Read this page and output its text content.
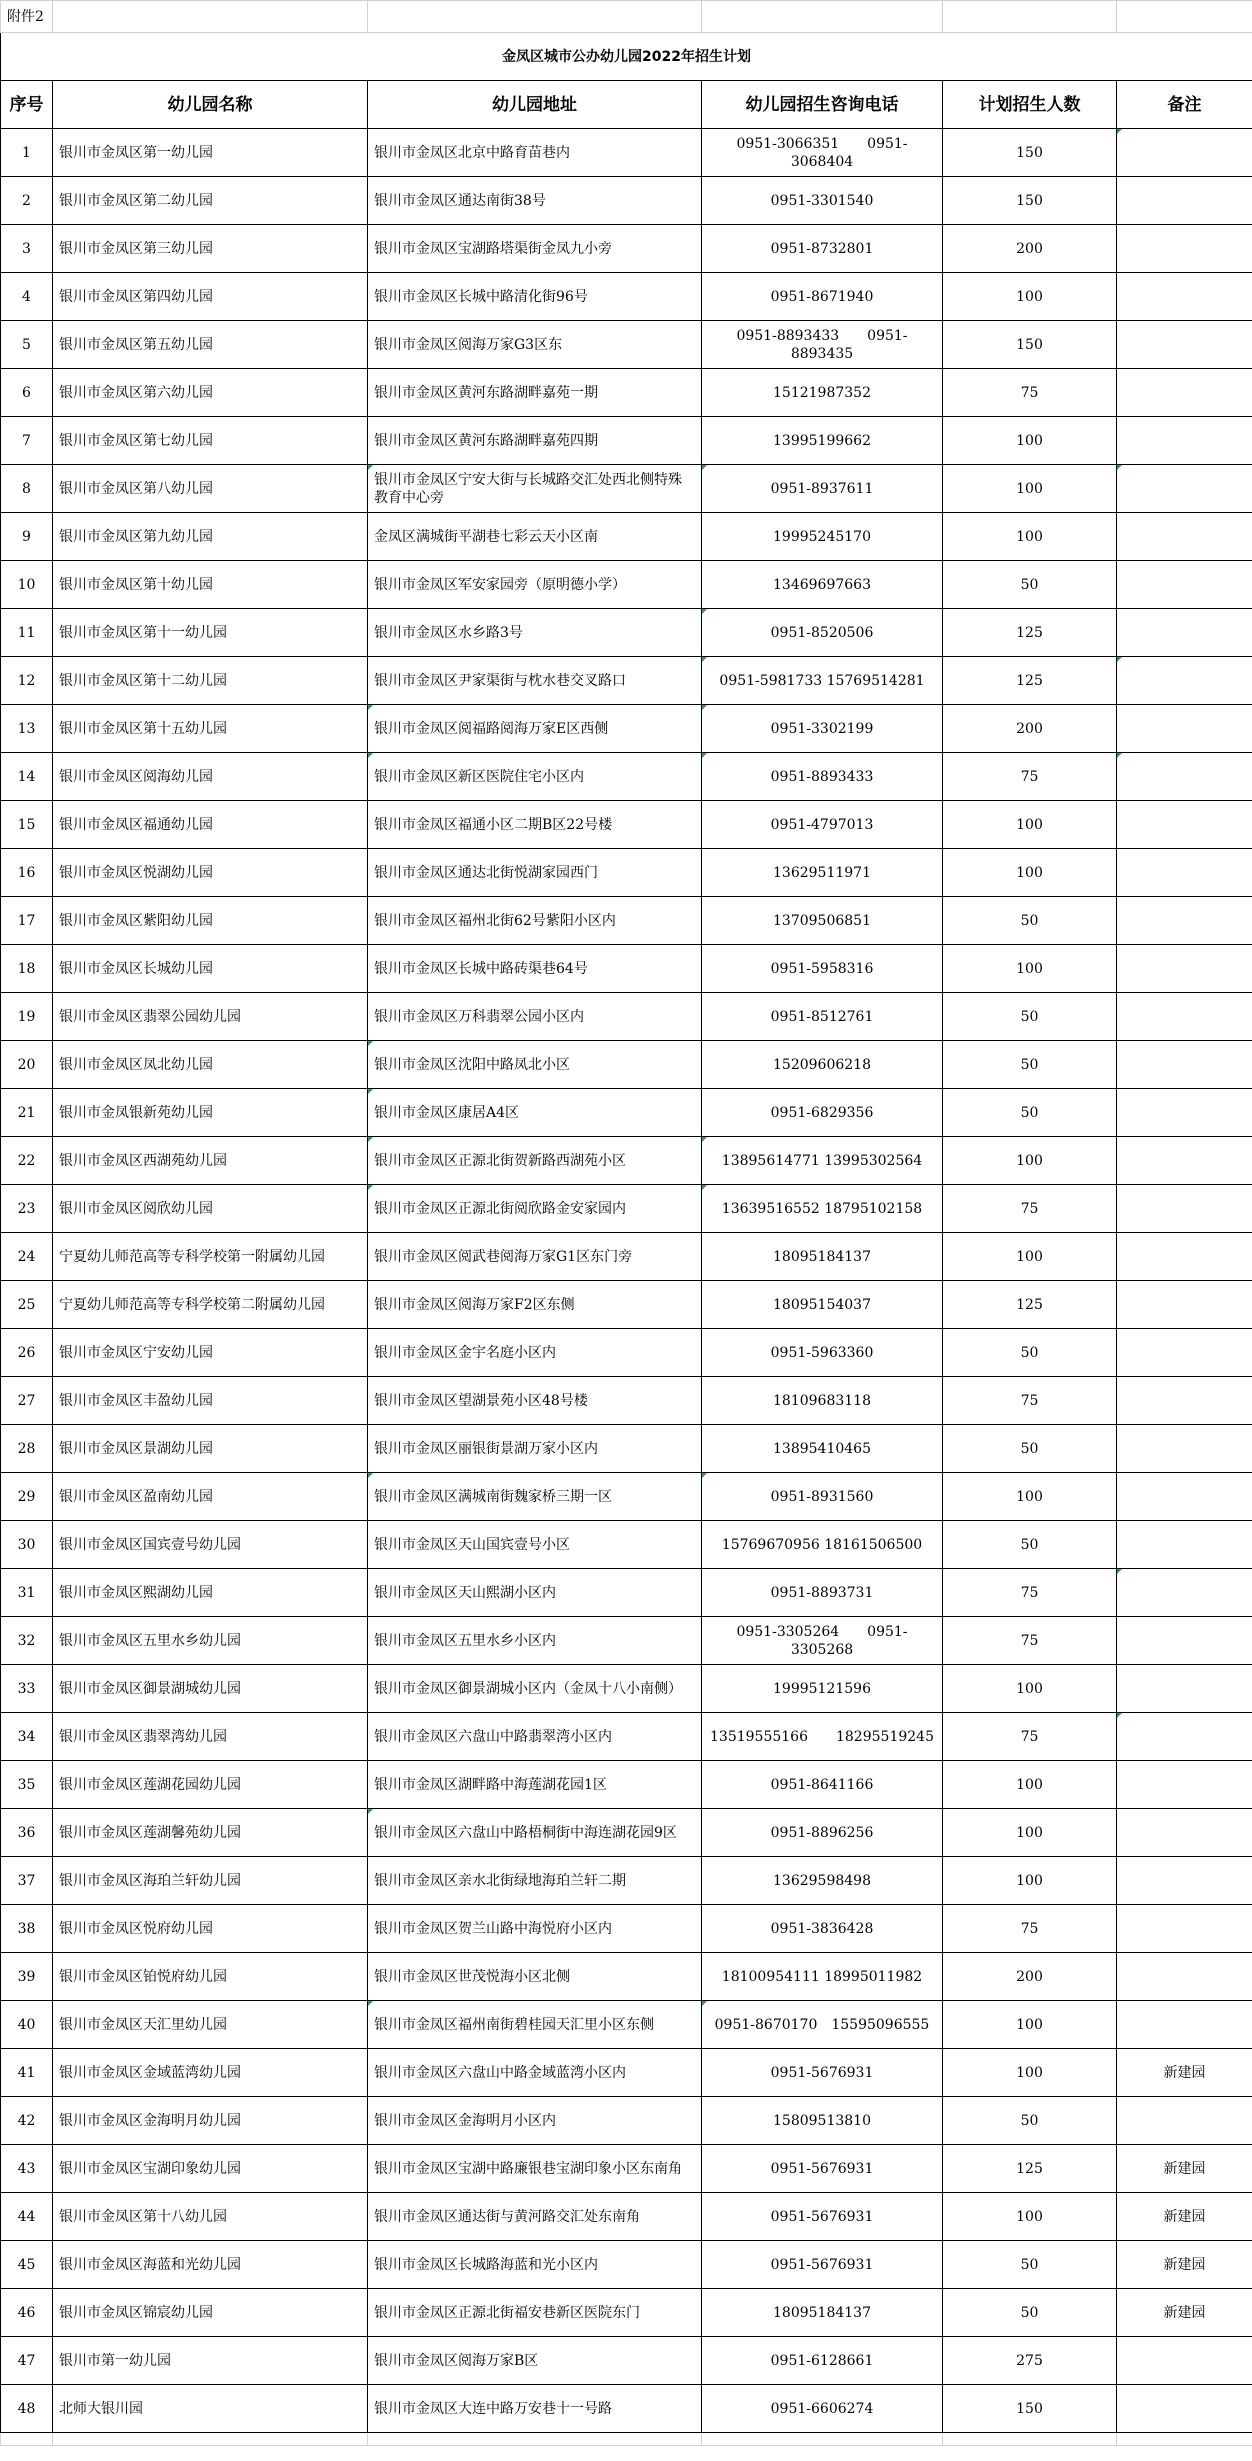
附件2					
金凤区城市公办幼儿园2022年招生计划					
序号	幼儿园名称	幼儿园地址	幼儿园招生咨询电话	计划招生人数	备注
1	银川市金凤区第一幼儿园	银川市金凤区北京中路育苗巷内	0951-3066351　　0951-3068404	150	
2	银川市金凤区第二幼儿园	银川市金凤区通达南街38号	0951-3301540	150	
3	银川市金凤区第三幼儿园	银川市金凤区宝湖路塔渠街金凤九小旁	0951-8732801	200	
4	银川市金凤区第四幼儿园	银川市金凤区长城中路清化街96号	0951-8671940	100	
5	银川市金凤区第五幼儿园	银川市金凤区阅海万家G3区东	0951-8893433　　0951-8893435	150	
6	银川市金凤区第六幼儿园	银川市金凤区黄河东路湖畔嘉苑一期	15121987352	75	
7	银川市金凤区第七幼儿园	银川市金凤区黄河东路湖畔嘉苑四期	13995199662	100	
8	银川市金凤区第八幼儿园	银川市金凤区宁安大街与长城路交汇处西北侧特殊教育中心旁	0951-8937611	100	
9	银川市金凤区第九幼儿园	金凤区满城街平湖巷七彩云天小区南	19995245170	100	
10	银川市金凤区第十幼儿园	银川市金凤区军安家园旁（原明德小学）	13469697663	50	
11	银川市金凤区第十一幼儿园	银川市金凤区水乡路3号	0951-8520506	125	
12	银川市金凤区第十二幼儿园	银川市金凤区尹家渠街与枕水巷交叉路口	0951-5981733 15769514281	125	
13	银川市金凤区第十五幼儿园	银川市金凤区阅福路阅海万家E区西侧	0951-3302199	200	
14	银川市金凤区阅海幼儿园	银川市金凤区新区医院住宅小区内	0951-8893433	75	
15	银川市金凤区福通幼儿园	银川市金凤区福通小区二期B区22号楼	0951-4797013	100	
16	银川市金凤区悦湖幼儿园	银川市金凤区通达北街悦湖家园西门	13629511971	100	
17	银川市金凤区紫阳幼儿园	银川市金凤区福州北街62号紫阳小区内	13709506851	50	
18	银川市金凤区长城幼儿园	银川市金凤区长城中路砖渠巷64号	0951-5958316	100	
19	银川市金凤区翡翠公园幼儿园	银川市金凤区万科翡翠公园小区内	0951-8512761	50	
20	银川市金凤区凤北幼儿园	银川市金凤区沈阳中路凤北小区	15209606218	50	
21	银川市金凤银新苑幼儿园	银川市金凤区康居A4区	0951-6829356	50	
22	银川市金凤区西湖苑幼儿园	银川市金凤区正源北街贺新路西湖苑小区	13895614771 13995302564	100	
23	银川市金凤区阅欣幼儿园	银川市金凤区正源北街阅欣路金安家园内	13639516552 18795102158	75	
24	宁夏幼儿师范高等专科学校第一附属幼儿园	银川市金凤区阅武巷阅海万家G1区东门旁	18095184137	100	
25	宁夏幼儿师范高等专科学校第二附属幼儿园	银川市金凤区阅海万家F2区东侧	18095154037	125	
26	银川市金凤区宁安幼儿园	银川市金凤区金宇名庭小区内	0951-5963360	50	
27	银川市金凤区丰盈幼儿园	银川市金凤区望湖景苑小区48号楼	18109683118	75	
28	银川市金凤区景湖幼儿园	银川市金凤区丽银街景湖万家小区内	13895410465	50	
29	银川市金凤区盈南幼儿园	银川市金凤区满城南街魏家桥三期一区	0951-8931560	100	
30	银川市金凤区国宾壹号幼儿园	银川市金凤区天山国宾壹号小区	15769670956 18161506500	50	
31	银川市金凤区熙湖幼儿园	银川市金凤区天山熙湖小区内	0951-8893731	75	
32	银川市金凤区五里水乡幼儿园	银川市金凤区五里水乡小区内	0951-3305264　　0951-3305268	75	
33	银川市金凤区御景湖城幼儿园	银川市金凤区御景湖城小区内（金凤十八小南侧）	19995121596	100	
34	银川市金凤区翡翠湾幼儿园	银川市金凤区六盘山中路翡翠湾小区内	13519555166　　18295519245	75	
35	银川市金凤区莲湖花园幼儿园	银川市金凤区湖畔路中海莲湖花园1区	0951-8641166	100	
36	银川市金凤区莲湖馨苑幼儿园	银川市金凤区六盘山中路梧桐街中海连湖花园9区	0951-8896256	100	
37	银川市金凤区海珀兰轩幼儿园	银川市金凤区亲水北街绿地海珀兰轩二期	13629598498	100	
38	银川市金凤区悦府幼儿园	银川市金凤区贺兰山路中海悦府小区内	0951-3836428	75	
39	银川市金凤区铂悦府幼儿园	银川市金凤区世茂悦海小区北侧	18100954111 18995011982	200	
40	银川市金凤区天汇里幼儿园	银川市金凤区福州南街碧桂园天汇里小区东侧	0951-8670170　15595096555	100	
41	银川市金凤区金域蓝湾幼儿园	银川市金凤区六盘山中路金域蓝湾小区内	0951-5676931	100	新建园
42	银川市金凤区金海明月幼儿园	银川市金凤区金海明月小区内	15809513810	50	
43	银川市金凤区宝湖印象幼儿园	银川市金凤区宝湖中路廉银巷宝湖印象小区东南角	0951-5676931	125	新建园
44	银川市金凤区第十八幼儿园	银川市金凤区通达街与黄河路交汇处东南角	0951-5676931	100	新建园
45	银川市金凤区海蓝和光幼儿园	银川市金凤区长城路海蓝和光小区内	0951-5676931	50	新建园
46	银川市金凤区锦宸幼儿园	银川市金凤区正源北街福安巷新区医院东门	18095184137	50	新建园
47	银川市第一幼儿园	银川市金凤区阅海万家B区	0951-6128661	275	
48	北师大银川园	银川市金凤区大连中路万安巷十一号路	0951-6606274	150	
